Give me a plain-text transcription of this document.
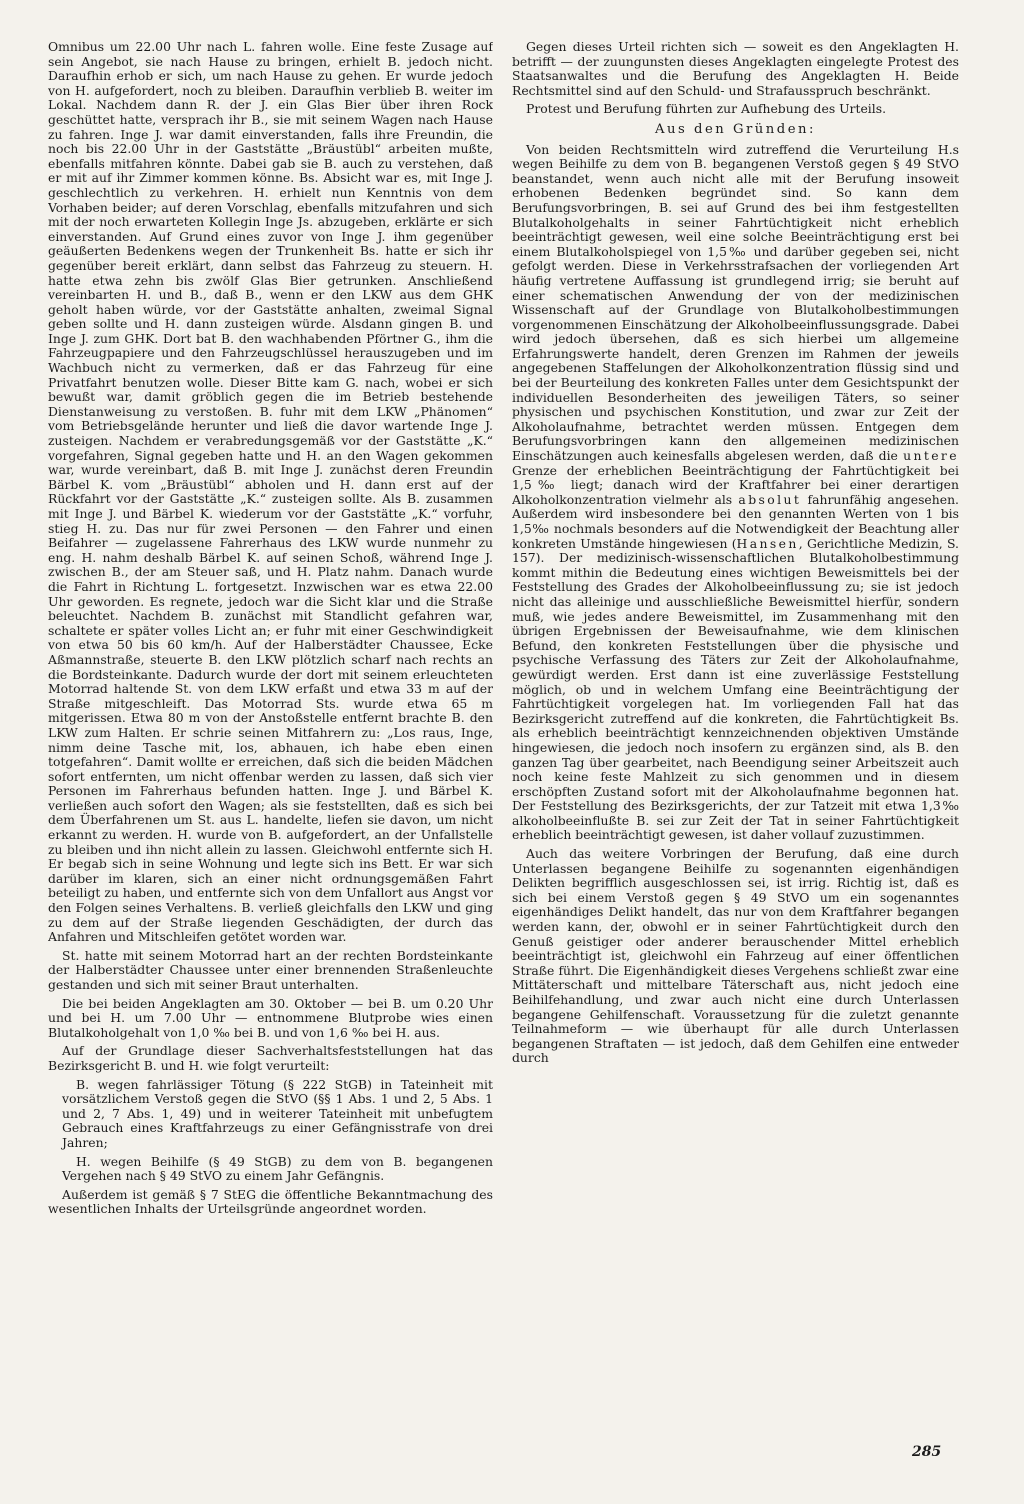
Omnibus um 22.00 Uhr nach L. fahren wolle. Eine feste Zusage auf sein Angebot, sie nach Hause zu bringen, erhielt B. jedoch nicht. Daraufhin erhob er sich, um nach Hause zu gehen. Er wurde jedoch von H. aufgefordert, noch zu bleiben. Daraufhin verblieb B. weiter im Lokal. Nachdem dann R. der J. ein Glas Bier über ihren Rock geschüttet hatte, versprach ihr B., sie mit seinem Wagen nach Hause zu fahren. Inge J. war damit einverstanden, falls ihre Freundin, die noch bis 22.00 Uhr in der Gaststätte „Bräustübl“ arbeiten mußte, ebenfalls mitfahren könnte. Dabei gab sie B. auch zu verstehen, daß er mit auf ihr Zimmer kommen könne. Bs. Absicht war es, mit Inge J. geschlechtlich zu verkehren. H. erhielt nun Kenntnis von dem Vorhaben beider; auf deren Vorschlag, ebenfalls mitzufahren und sich mit der noch erwarteten Kollegin Inge Js. abzugeben, erklärte er sich einverstanden. Auf Grund eines zuvor von Inge J. ihm gegenüber geäußerten Bedenkens wegen der Trunkenheit Bs. hatte er sich ihr gegenüber bereit erklärt, dann selbst das Fahrzeug zu steuern. H. hatte etwa zehn bis zwölf Glas Bier getrunken. Anschließend vereinbarten H. und B., daß B., wenn er den LKW aus dem GHK geholt haben würde, vor der Gaststätte anhalten, zweimal Signal geben sollte und H. dann zusteigen würde. Alsdann gingen B. und Inge J. zum GHK. Dort bat B. den wachhabenden Pförtner G., ihm die Fahrzeugpapiere und den Fahrzeugschlüssel herauszugeben und im Wachbuch nicht zu vermerken, daß er das Fahrzeug für eine Privatfahrt benutzen wolle. Dieser Bitte kam G. nach, wobei er sich bewußt war, damit gröblich gegen die im Betrieb bestehende Dienstanweisung zu verstoßen. B. fuhr mit dem LKW „Phänomen“ vom Betriebsgelände herunter und ließ die davor wartende Inge J. zusteigen. Nachdem er verabredungsgemäß vor der Gaststätte „K.“ vorgefahren, Signal gegeben hatte und H. an den Wagen gekommen war, wurde vereinbart, daß B. mit Inge J. zunächst deren Freundin Bärbel K. vom „Bräustübl“ abholen und H. dann erst auf der Rückfahrt vor der Gaststätte „K.“ zusteigen sollte. Als B. zusammen mit Inge J. und Bärbel K. wiederum vor der Gaststätte „K.“ vorfuhr, stieg H. zu. Das nur für zwei Personen — den Fahrer und einen Beifahrer — zugelassene Fahrerhaus des LKW wurde nunmehr zu eng. H. nahm deshalb Bärbel K. auf seinen Schoß, während Inge J. zwischen B., der am Steuer saß, und H. Platz nahm. Danach wurde die Fahrt in Richtung L. fortgesetzt. Inzwischen war es etwa 22.00 Uhr geworden. Es regnete, jedoch war die Sicht klar und die Straße beleuchtet. Nachdem B. zunächst mit Standlicht gefahren war, schaltete er später volles Licht an; er fuhr mit einer Geschwindigkeit von etwa 50 bis 60 km/h. Auf der Halberstädter Chaussee, Ecke Aßmannstraße, steuerte B. den LKW plötzlich scharf nach rechts an die Bordsteinkante. Dadurch wurde der dort mit seinem erleuchteten Motorrad haltende St. von dem LKW erfaßt und etwa 33 m auf der Straße mitgeschleift. Das Motorrad Sts. wurde etwa 65 m mitgerissen. Etwa 80 m von der Anstoßstelle entfernt brachte B. den LKW zum Halten. Er schrie seinen Mitfahrern zu: „Los raus, Inge, nimm deine Tasche mit, los, abhauen, ich habe eben einen totgefahren“. Damit wollte er erreichen, daß sich die beiden Mädchen sofort entfernten, um nicht offenbar werden zu lassen, daß sich vier Personen im Fahrerhaus befunden hatten. Inge J. und Bärbel K. verließen auch sofort den Wagen; als sie feststellten, daß es sich bei dem Überfahrenen um St. aus L. handelte, liefen sie davon, um nicht erkannt zu werden. H. wurde von B. aufgefordert, an der Unfallstelle zu bleiben und ihn nicht allein zu lassen. Gleichwohl entfernte sich H. Er begab sich in seine Wohnung und legte sich ins Bett. Er war sich darüber im klaren, sich an einer nicht ordnungsgemäßen Fahrt beteiligt zu haben, und entfernte sich von dem Unfallort aus Angst vor den Folgen seines Verhaltens. B. verließ gleichfalls den LKW und ging zu dem auf der Straße liegenden Geschädigten, der durch das Anfahren und Mitschleifen getötet worden war.

St. hatte mit seinem Motorrad hart an der rechten Bordsteinkante der Halberstädter Chaussee unter einer brennenden Straßenleuchte gestanden und sich mit seiner Braut unterhalten.

Die bei beiden Angeklagten am 30. Oktober — bei B. um 0.20 Uhr und bei H. um 7.00 Uhr — entnommene Blutprobe wies einen Blutalkoholgehalt von 1,0 ‰ bei B. und von 1,6 ‰ bei H. aus.

Auf der Grundlage dieser Sachverhaltsfeststellungen hat das Bezirksgericht B. und H. wie folgt verurteilt:

B. wegen fahrlässiger Tötung (§ 222 StGB) in Tateinheit mit vorsätzlichem Verstoß gegen die StVO (§§ 1 Abs. 1 und 2, 5 Abs. 1 und 2, 7 Abs. 1, 49) und in weiterer Tateinheit mit unbefugtem Gebrauch eines Kraftfahrzeugs zu einer Gefängnisstrafe von drei Jahren;

H. wegen Beihilfe (§ 49 StGB) zu dem von B. begangenen Vergehen nach § 49 StVO zu einem Jahr Gefängnis.

Außerdem ist gemäß § 7 StEG die öffentliche Bekanntmachung des wesentlichen Inhalts der Urteilsgründe angeordnet worden.

Gegen dieses Urteil richten sich — soweit es den Angeklagten H. betrifft — der zuungunsten dieses Angeklagten eingelegte Protest des Staatsanwaltes und die Berufung des Angeklagten H. Beide Rechtsmittel sind auf den Schuld- und Strafausspruch beschränkt.

Protest und Berufung führten zur Aufhebung des Urteils.

Aus den Gründen:

Von beiden Rechtsmitteln wird zutreffend die Verurteilung H.s wegen Beihilfe zu dem von B. begangenen Verstoß gegen § 49 StVO beanstandet, wenn auch nicht alle mit der Berufung insoweit erhobenen Bedenken begründet sind. So kann dem Berufungsvorbringen, B. sei auf Grund des bei ihm festgestellten Blutalkoholgehalts in seiner Fahrtüchtigkeit nicht erheblich beeinträchtigt gewesen, weil eine solche Beeinträchtigung erst bei einem Blutalkoholspiegel von 1,5‰ und darüber gegeben sei, nicht gefolgt werden. Diese in Verkehrsstrafsachen der vorliegenden Art häufig vertretene Auffassung ist grundlegend irrig; sie beruht auf einer schematischen Anwendung der von der medizinischen Wissenschaft auf der Grundlage von Blutalkoholbestimmungen vorgenommenen Einschätzung der Alkoholbeeinflussungsgrade. Dabei wird jedoch übersehen, daß es sich hierbei um allgemeine Erfahrungswerte handelt, deren Grenzen im Rahmen der jeweils angegebenen Staffelungen der Alkoholkonzentration flüssig sind und bei der Beurteilung des konkreten Falles unter dem Gesichtspunkt der individuellen Besonderheiten des jeweiligen Täters, so seiner physischen und psychischen Konstitution, und zwar zur Zeit der Alkoholaufnahme, betrachtet werden müssen. Entgegen dem Berufungsvorbringen kann den allgemeinen medizinischen Einschätzungen auch keinesfalls abgelesen werden, daß die untere Grenze der erheblichen Beeinträchtigung der Fahrtüchtigkeit bei 1,5‰ liegt; danach wird der Kraftfahrer bei einer derartigen Alkoholkonzentration vielmehr als absolut fahrunfähig angesehen. Außerdem wird insbesondere bei den genannten Werten von 1 bis 1,5‰ nochmals besonders auf die Notwendigkeit der Beachtung aller konkreten Umstände hingewiesen (Hansen, Gerichtliche Medizin, S. 157). Der medizinisch-wissenschaftlichen Blutalkoholbestimmung kommt mithin die Bedeutung eines wichtigen Beweismittels bei der Feststellung des Grades der Alkoholbeeinflussung zu; sie ist jedoch nicht das alleinige und ausschließliche Beweismittel hierfür, sondern muß, wie jedes andere Beweismittel, im Zusammenhang mit den übrigen Ergebnissen der Beweisaufnahme, wie dem klinischen Befund, den konkreten Feststellungen über die physische und psychische Verfassung des Täters zur Zeit der Alkoholaufnahme, gewürdigt werden. Erst dann ist eine zuverlässige Feststellung möglich, ob und in welchem Umfang eine Beeinträchtigung der Fahrtüchtigkeit vorgelegen hat. Im vorliegenden Fall hat das Bezirksgericht zutreffend auf die konkreten, die Fahrtüchtigkeit Bs. als erheblich beeinträchtigt kennzeichnenden objektiven Umstände hingewiesen, die jedoch noch insofern zu ergänzen sind, als B. den ganzen Tag über gearbeitet, nach Beendigung seiner Arbeitszeit auch noch keine feste Mahlzeit zu sich genommen und in diesem erschöpften Zustand sofort mit der Alkoholaufnahme begonnen hat. Der Feststellung des Bezirksgerichts, der zur Tatzeit mit etwa 1,3‰ alkoholbeeinflußte B. sei zur Zeit der Tat in seiner Fahrtüchtigkeit erheblich beeinträchtigt gewesen, ist daher vollauf zuzustimmen.

Auch das weitere Vorbringen der Berufung, daß eine durch Unterlassen begangene Beihilfe zu sogenannten eigenhändigen Delikten begrifflich ausgeschlossen sei, ist irrig. Richtig ist, daß es sich bei einem Verstoß gegen § 49 StVO um ein sogenanntes eigenhändiges Delikt handelt, das nur von dem Kraftfahrer begangen werden kann, der, obwohl er in seiner Fahrtüchtigkeit durch den Genuß geistiger oder anderer berauschender Mittel erheblich beeinträchtigt ist, gleichwohl ein Fahrzeug auf einer öffentlichen Straße führt. Die Eigenhändigkeit dieses Vergehens schließt zwar eine Mittäterschaft und mittelbare Täterschaft aus, nicht jedoch eine Beihilfehandlung, und zwar auch nicht eine durch Unterlassen begangene Gehilfenschaft. Voraussetzung für die zuletzt genannte Teilnahmeform — wie überhaupt für alle durch Unterlassen begangenen Straftaten — ist jedoch, daß dem Gehilfen eine entweder durch

285
